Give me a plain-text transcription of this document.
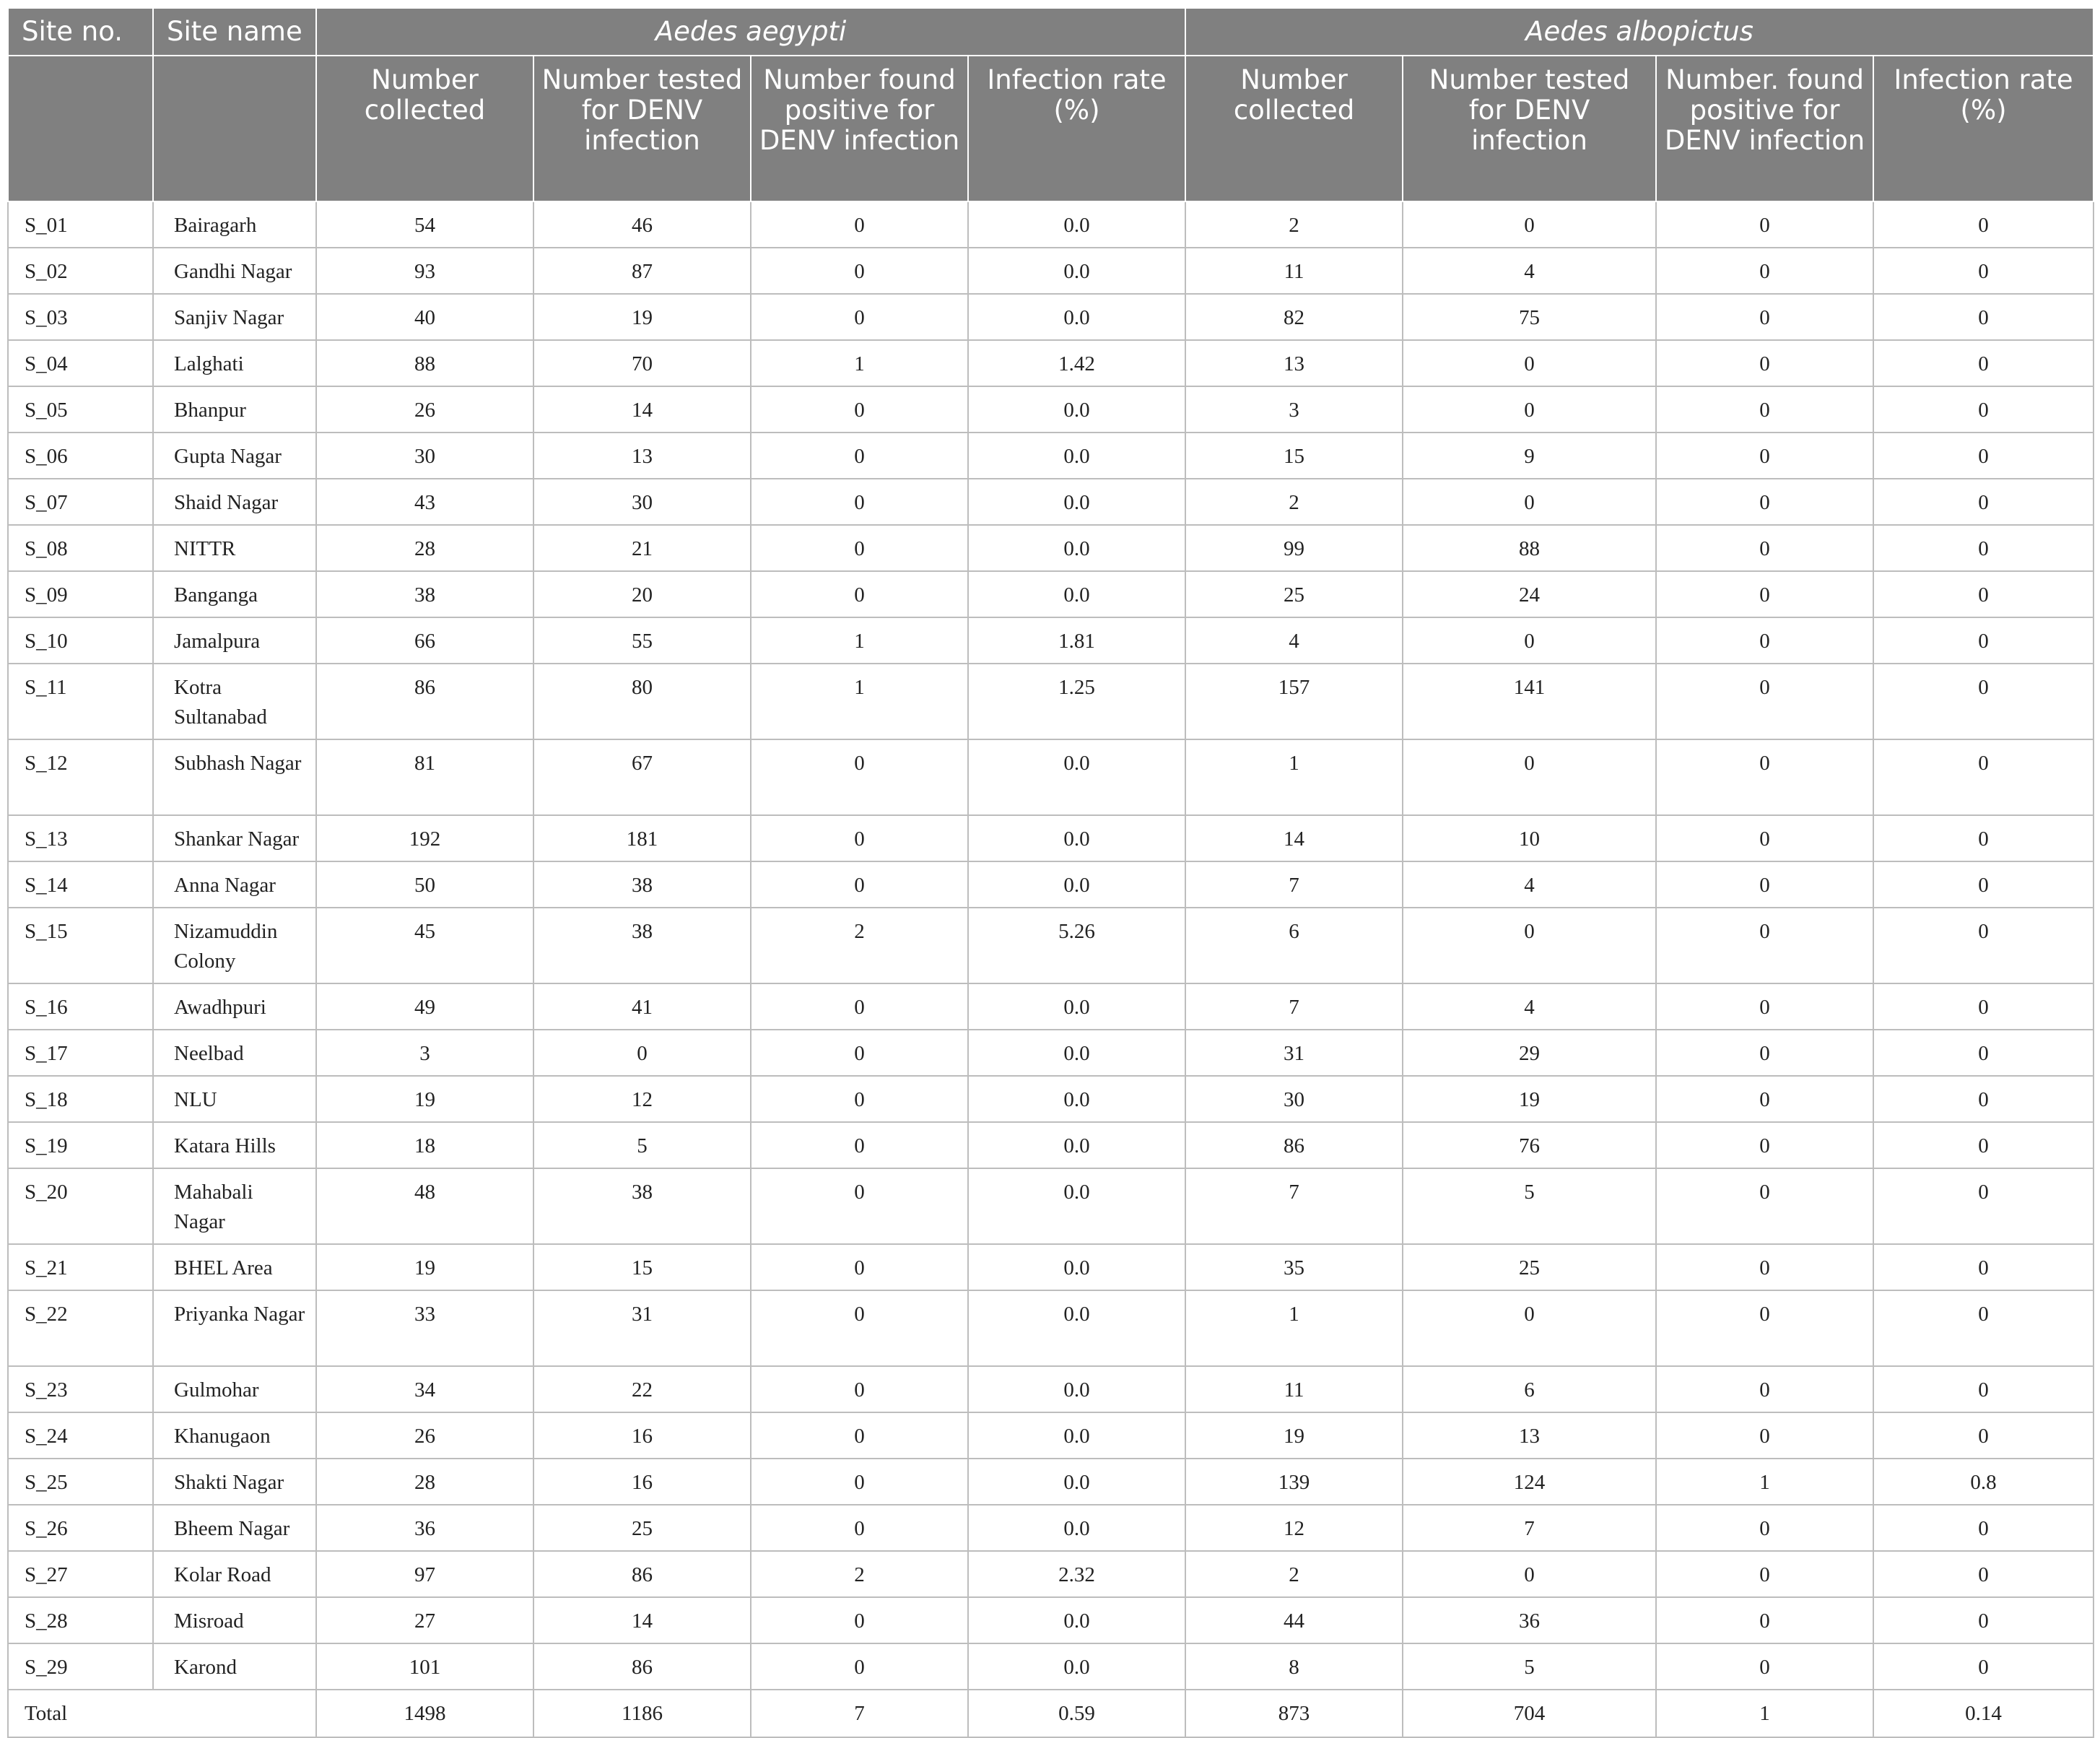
Site no.	Site name	Aedes aegypti				Aedes albopictus			
		Number collected	Number tested for DENV infection	Number found positive for DENV infection	Infection rate (%)	Number collected	Number tested for DENV infection	Number. found positive for DENV infection	Infection rate (%)
S_01	Bairagarh	54	46	0	0.0	2	0	0	0
S_02	Gandhi Nagar	93	87	0	0.0	11	4	0	0
S_03	Sanjiv Nagar	40	19	0	0.0	82	75	0	0
S_04	Lalghati	88	70	1	1.42	13	0	0	0
S_05	Bhanpur	26	14	0	0.0	3	0	0	0
S_06	Gupta Nagar	30	13	0	0.0	15	9	0	0
S_07	Shaid Nagar	43	30	0	0.0	2	0	0	0
S_08	NITTR	28	21	0	0.0	99	88	0	0
S_09	Banganga	38	20	0	0.0	25	24	0	0
S_10	Jamalpura	66	55	1	1.81	4	0	0	0
S_11	Kotra Sultanabad	86	80	1	1.25	157	141	0	0
S_12	Subhash Nagar	81	67	0	0.0	1	0	0	0
S_13	Shankar Nagar	192	181	0	0.0	14	10	0	0
S_14	Anna Nagar	50	38	0	0.0	7	4	0	0
S_15	Nizamuddin Colony	45	38	2	5.26	6	0	0	0
S_16	Awadhpuri	49	41	0	0.0	7	4	0	0
S_17	Neelbad	3	0	0	0.0	31	29	0	0
S_18	NLU	19	12	0	0.0	30	19	0	0
S_19	Katara Hills	18	5	0	0.0	86	76	0	0
S_20	Mahabali Nagar	48	38	0	0.0	7	5	0	0
S_21	BHEL Area	19	15	0	0.0	35	25	0	0
S_22	Priyanka Nagar	33	31	0	0.0	1	0	0	0
S_23	Gulmohar	34	22	0	0.0	11	6	0	0
S_24	Khanugaon	26	16	0	0.0	19	13	0	0
S_25	Shakti Nagar	28	16	0	0.0	139	124	1	0.8
S_26	Bheem Nagar	36	25	0	0.0	12	7	0	0
S_27	Kolar Road	97	86	2	2.32	2	0	0	0
S_28	Misroad	27	14	0	0.0	44	36	0	0
S_29	Karond	101	86	0	0.0	8	5	0	0
Total		1498	1186	7	0.59	873	704	1	0.14
